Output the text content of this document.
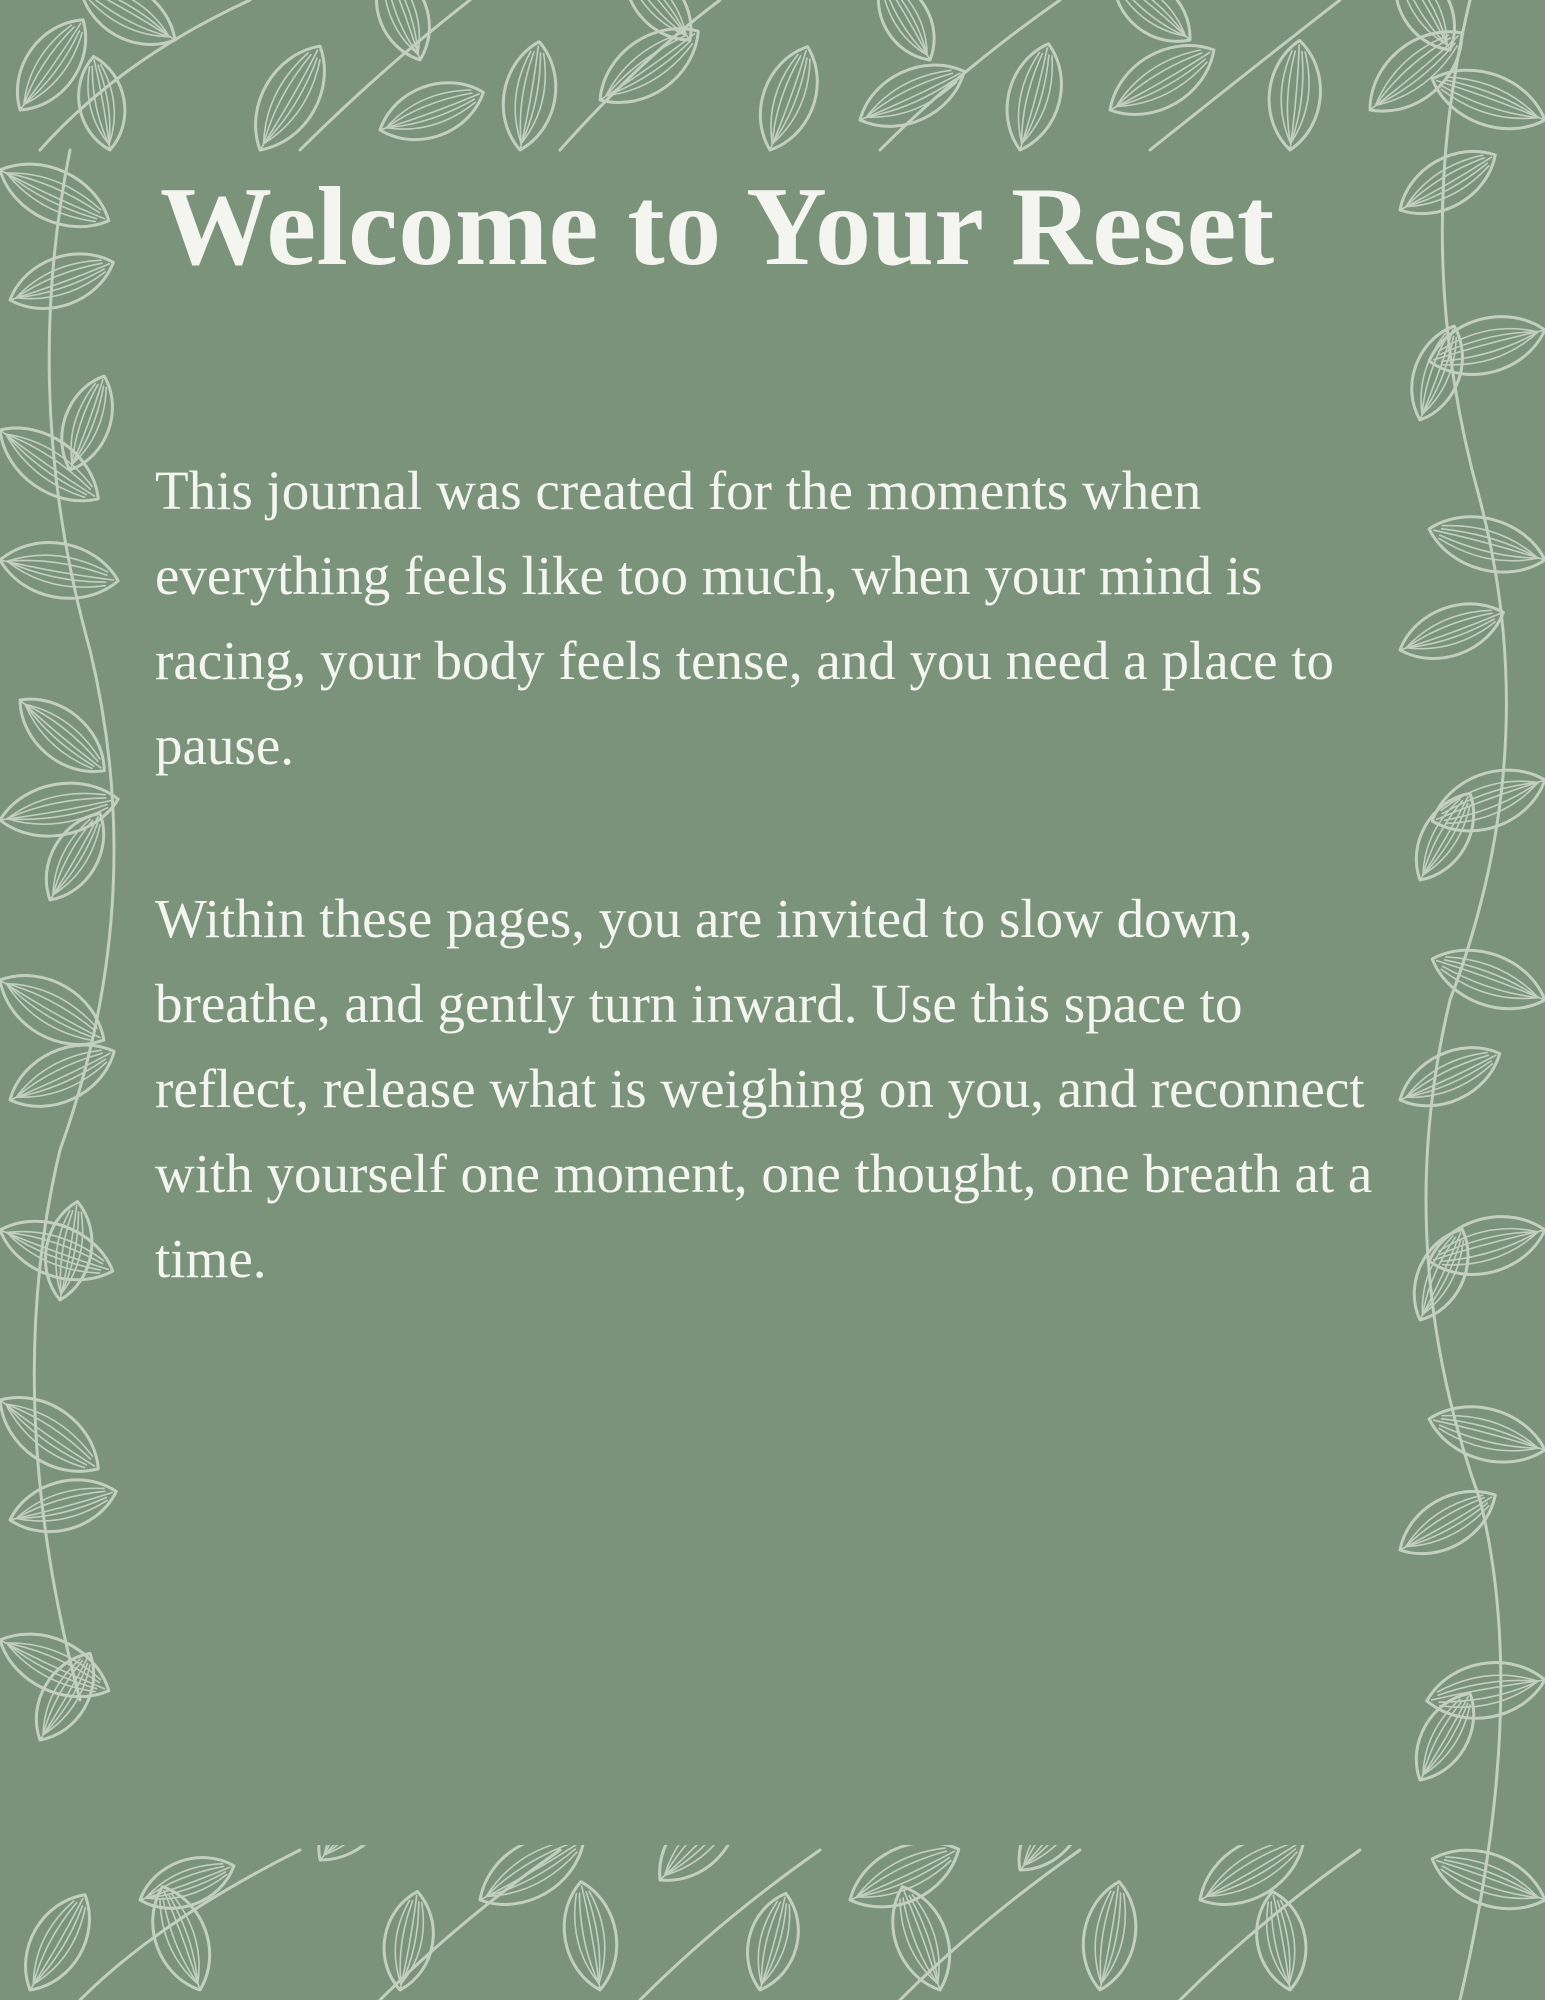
Welcome to Your Reset

This journal was created for the moments when everything feels like too much, when your mind is racing, your body feels tense, and you need a place to pause.

Within these pages, you are invited to slow down, breathe, and gently turn inward. Use this space to reflect, release what is weighing on you, and reconnect with yourself one moment, one thought, one breath at a time.
